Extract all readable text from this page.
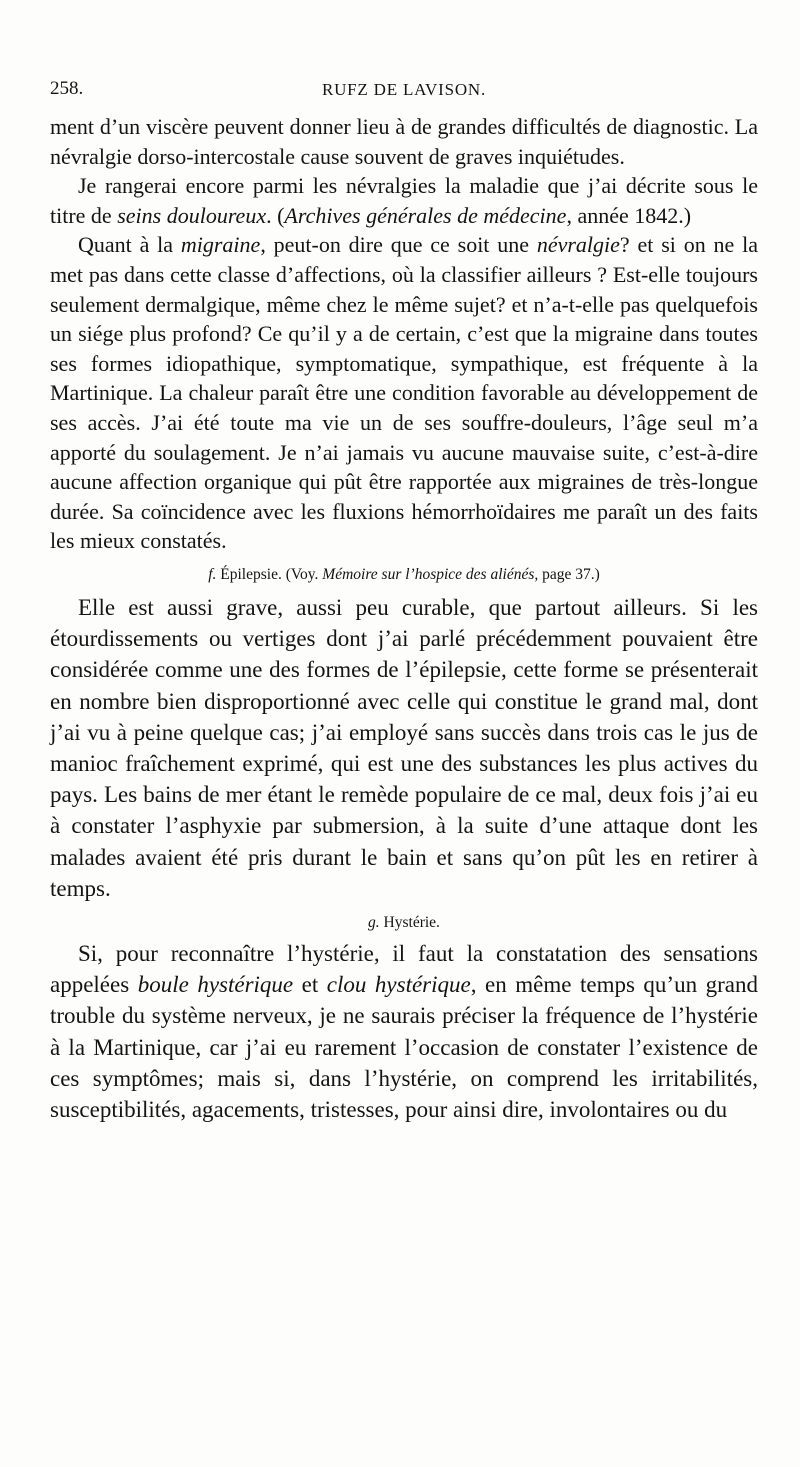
258.	RUFZ DE LAVISON.

ment d’un viscère peuvent donner lieu à de grandes difficultés de diagnostic. La névralgie dorso-intercostale cause souvent de graves inquiétudes.

Je rangerai encore parmi les névralgies la maladie que j’ai décrite sous le titre de seins douloureux. (Archives générales de médecine, année 1842.)

Quant à la migraine, peut-on dire que ce soit une névralgie? et si on ne la met pas dans cette classe d’affections, où la classifier ailleurs ? Est-elle toujours seulement dermalgique, même chez le même sujet? et n’a-t-elle pas quelquefois un siége plus profond? Ce qu’il y a de certain, c’est que la migraine dans toutes ses formes idiopathique, symptomatique, sympathique, est fréquente à la Martinique. La chaleur paraît être une condition favorable au développement de ses accès. J’ai été toute ma vie un de ses souffre-douleurs, l’âge seul m’a apporté du soulagement. Je n’ai jamais vu aucune mauvaise suite, c’est-à-dire aucune affection organique qui pût être rapportée aux migraines de très-longue durée. Sa coïncidence avec les fluxions hémorrhoïdaires me paraît un des faits les mieux constatés.

f. Épilepsie. (Voy. Mémoire sur l’hospice des aliénés, page 37.)

Elle est aussi grave, aussi peu curable, que partout ailleurs. Si les étourdissements ou vertiges dont j’ai parlé précédemment pouvaient être considérée comme une des formes de l’épilepsie, cette forme se présenterait en nombre bien disproportionné avec celle qui constitue le grand mal, dont j’ai vu à peine quelque cas; j’ai employé sans succès dans trois cas le jus de manioc fraîchement exprimé, qui est une des substances les plus actives du pays. Les bains de mer étant le remède populaire de ce mal, deux fois j’ai eu à constater l’asphyxie par submersion, à la suite d’une attaque dont les malades avaient été pris durant le bain et sans qu’on pût les en retirer à temps.

g. Hystérie.

Si, pour reconnaître l’hystérie, il faut la constatation des sensations appelées boule hystérique et clou hystérique, en même temps qu’un grand trouble du système nerveux, je ne saurais préciser la fréquence de l’hystérie à la Martinique, car j’ai eu rarement l’occasion de constater l’existence de ces symptômes; mais si, dans l’hystérie, on comprend les irritabilités, susceptibilités, agacements, tristesses, pour ainsi dire, involontaires ou du
